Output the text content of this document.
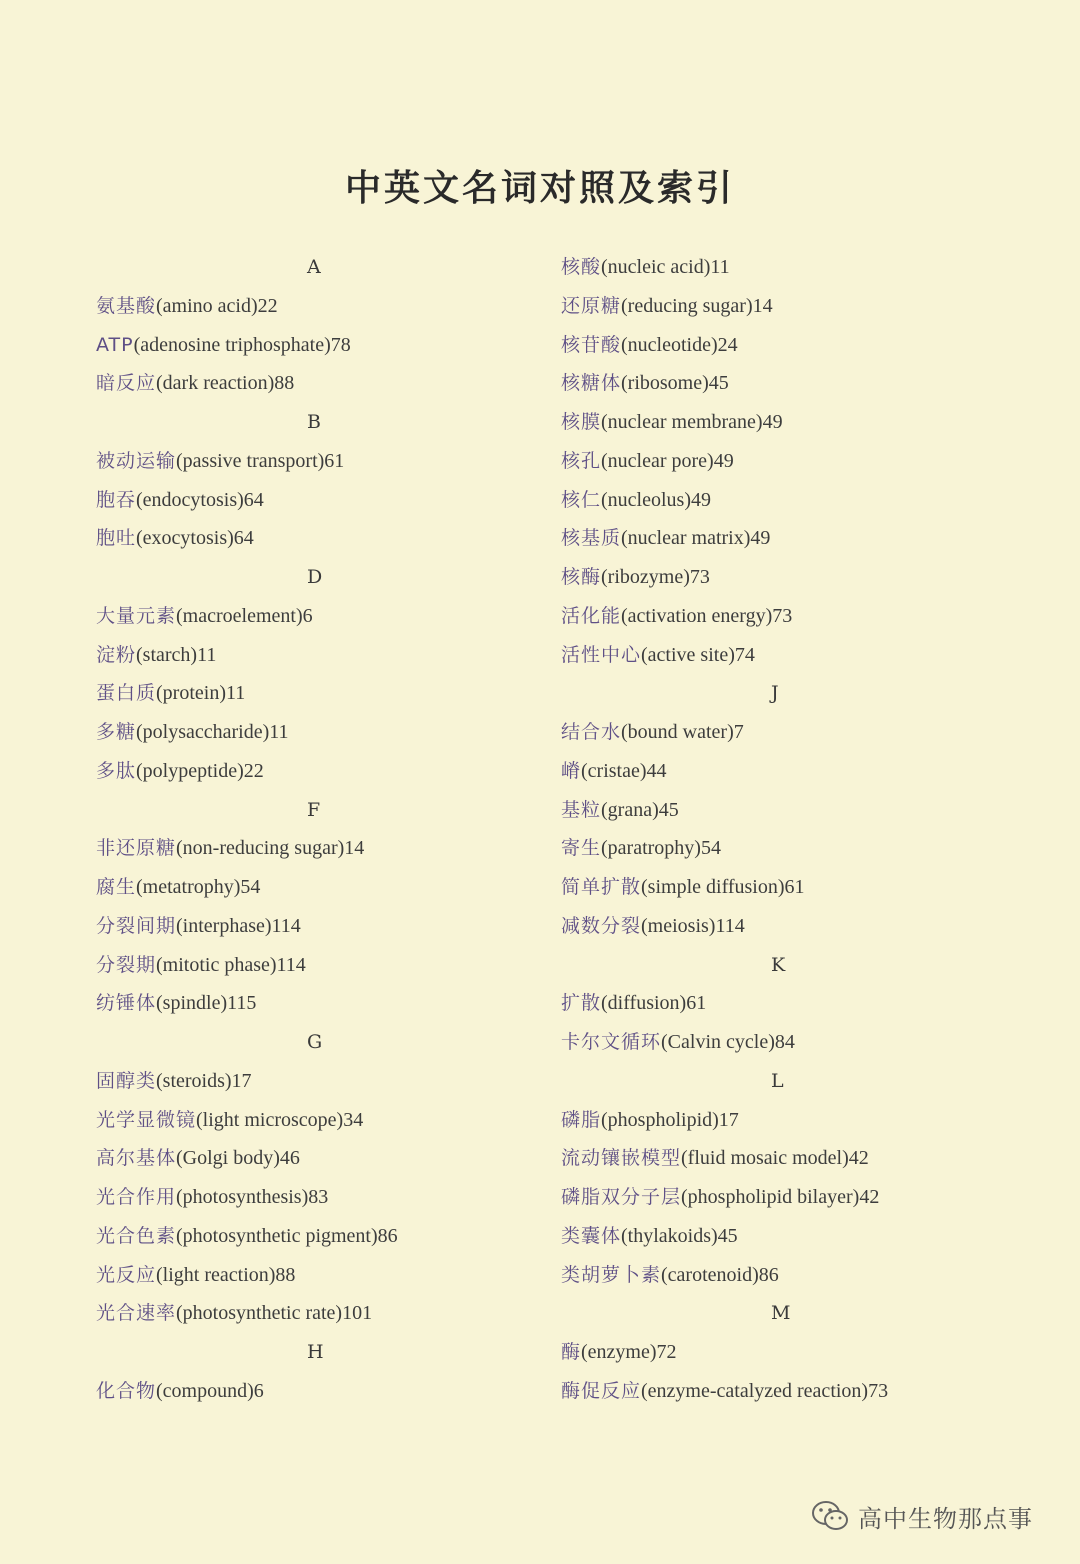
中英文名词对照及索引
A
氨基酸(amino acid)22
ATP(adenosine triphosphate)78
暗反应(dark reaction)88
B
被动运输(passive transport)61
胞吞(endocytosis)64
胞吐(exocytosis)64
D
大量元素(macroelement)6
淀粉(starch)11
蛋白质(protein)11
多糖(polysaccharide)11
多肽(polypeptide)22
F
非还原糖(non-reducing sugar)14
腐生(metatrophy)54
分裂间期(interphase)114
分裂期(mitotic phase)114
纺锤体(spindle)115
G
固醇类(steroids)17
光学显微镜(light microscope)34
高尔基体(Golgi body)46
光合作用(photosynthesis)83
光合色素(photosynthetic pigment)86
光反应(light reaction)88
光合速率(photosynthetic rate)101
H
化合物(compound)6
核酸(nucleic acid)11
还原糖(reducing sugar)14
核苷酸(nucleotide)24
核糖体(ribosome)45
核膜(nuclear membrane)49
核孔(nuclear pore)49
核仁(nucleolus)49
核基质(nuclear matrix)49
核酶(ribozyme)73
活化能(activation energy)73
活性中心(active site)74
J
结合水(bound water)7
嵴(cristae)44
基粒(grana)45
寄生(paratrophy)54
简单扩散(simple diffusion)61
减数分裂(meiosis)114
K
扩散(diffusion)61
卡尔文循环(Calvin cycle)84
L
磷脂(phospholipid)17
流动镶嵌模型(fluid mosaic model)42
磷脂双分子层(phospholipid bilayer)42
类囊体(thylakoids)45
类胡萝卜素(carotenoid)86
M
酶(enzyme)72
酶促反应(enzyme-catalyzed reaction)73
高中生物那点事
